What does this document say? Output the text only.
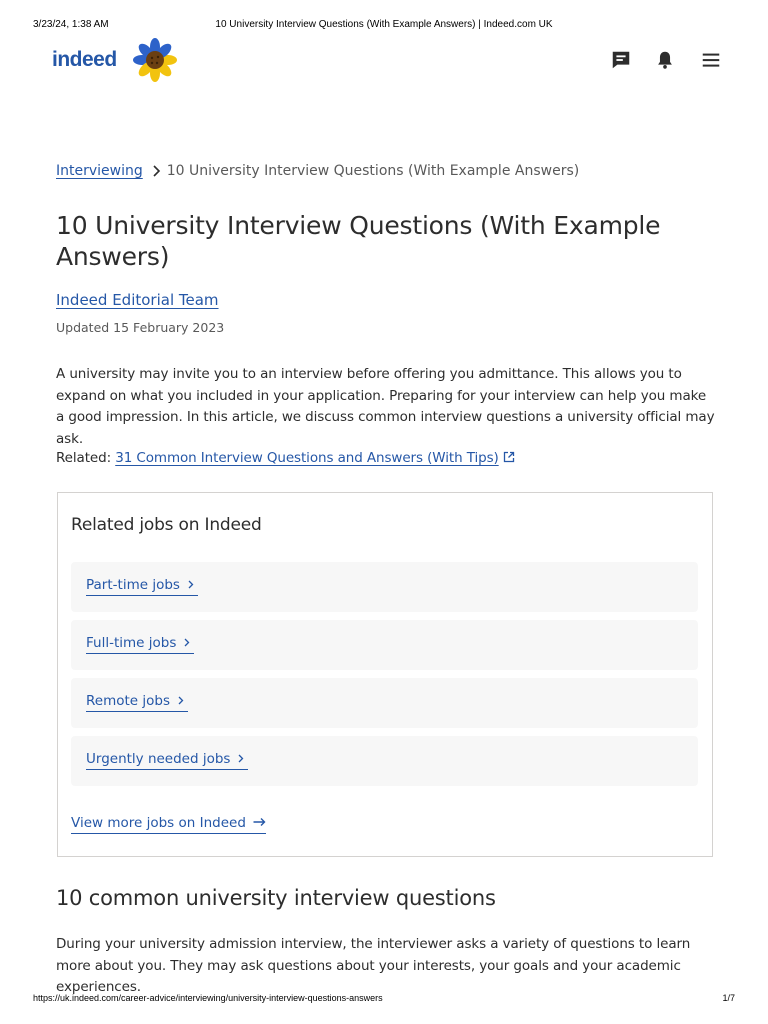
3/23/24, 1:38 AM	10 University Interview Questions (With Example Answers) | Indeed.com UK
indeed
Interviewing 10 University Interview Questions (With Example Answers)
10 University Interview Questions (With Example Answers)
Indeed Editorial Team
Updated 15 February 2023

A university may invite you to an interview before offering you admittance. This allows you to expand on what you included in your application. Preparing for your interview can help you make a good impression. In this article, we discuss common interview questions a university official may ask.

Related: 31 Common Interview Questions and Answers (With Tips)
Related jobs on Indeed
Part-time jobs
Full-time jobs
Remote jobs
Urgently needed jobs
View more jobs on Indeed
10 common university interview questions

During your university admission interview, the interviewer asks a variety of questions to learn more about you. They may ask questions about your interests, your goals and your academic experiences.

https://uk.indeed.com/career-advice/interviewing/university-interview-questions-answers	1/7
